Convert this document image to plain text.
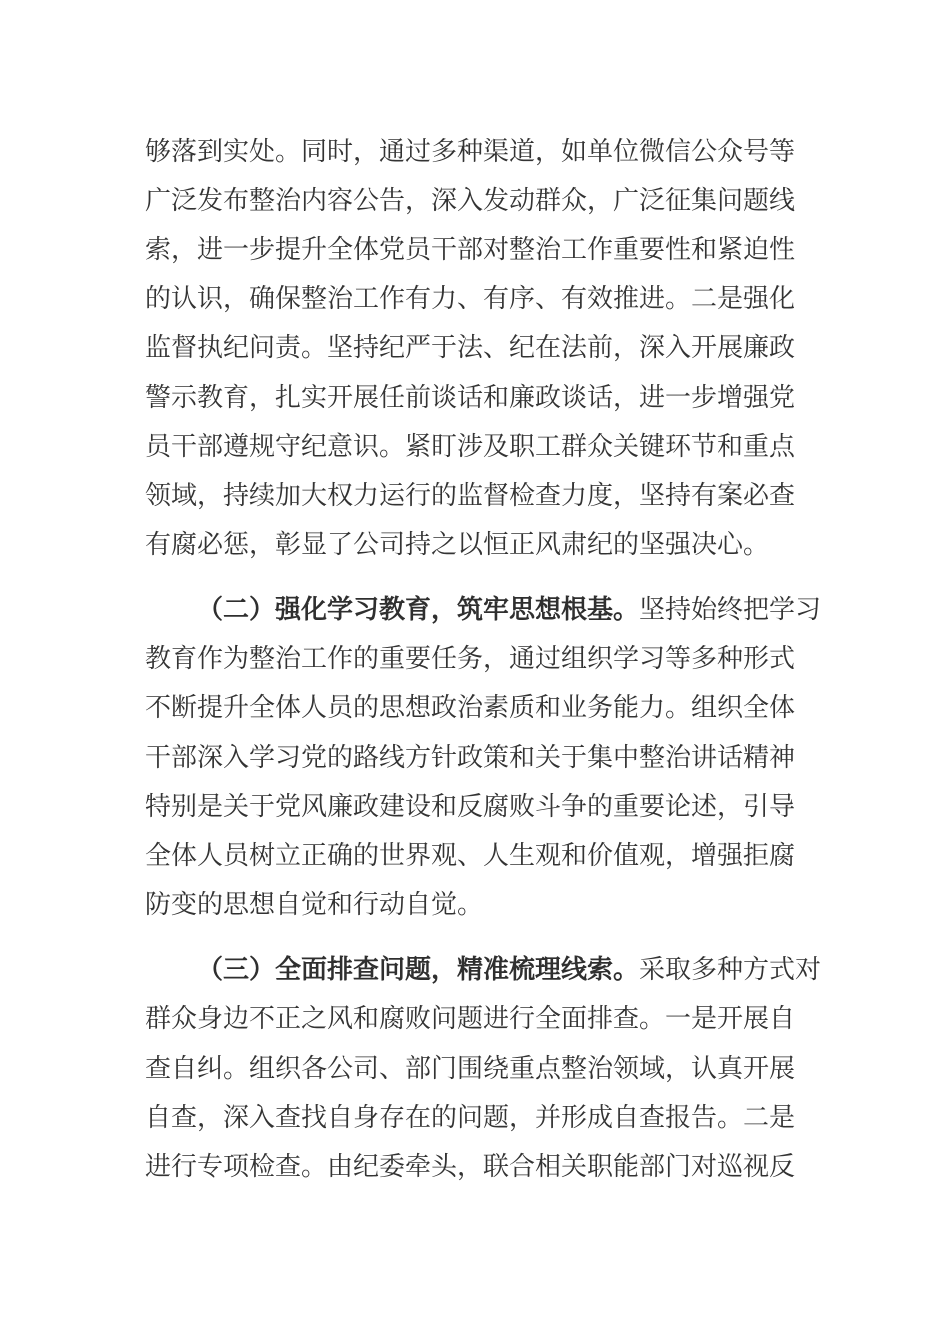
够落到实处。同时，通过多种渠道，如单位微信公众号等
广泛发布整治内容公告，深入发动群众，广泛征集问题线
索，进一步提升全体党员干部对整治工作重要性和紧迫性
的认识，确保整治工作有力、有序、有效推进。二是强化
监督执纪问责。坚持纪严于法、纪在法前，深入开展廉政
警示教育，扎实开展任前谈话和廉政谈话，进一步增强党
员干部遵规守纪意识。紧盯涉及职工群众关键环节和重点
领域，持续加大权力运行的监督检查力度，坚持有案必查
有腐必惩，彰显了公司持之以恒正风肃纪的坚强决心。
（二）强化学习教育，筑牢思想根基。坚持始终把学习
教育作为整治工作的重要任务，通过组织学习等多种形式
不断提升全体人员的思想政治素质和业务能力。组织全体
干部深入学习党的路线方针政策和关于集中整治讲话精神
特别是关于党风廉政建设和反腐败斗争的重要论述，引导
全体人员树立正确的世界观、人生观和价值观，增强拒腐
防变的思想自觉和行动自觉。
（三）全面排查问题，精准梳理线索。采取多种方式对
群众身边不正之风和腐败问题进行全面排查。一是开展自
查自纠。组织各公司、部门围绕重点整治领域，认真开展
自查，深入查找自身存在的问题，并形成自查报告。二是
进行专项检查。由纪委牵头，联合相关职能部门对巡视反
